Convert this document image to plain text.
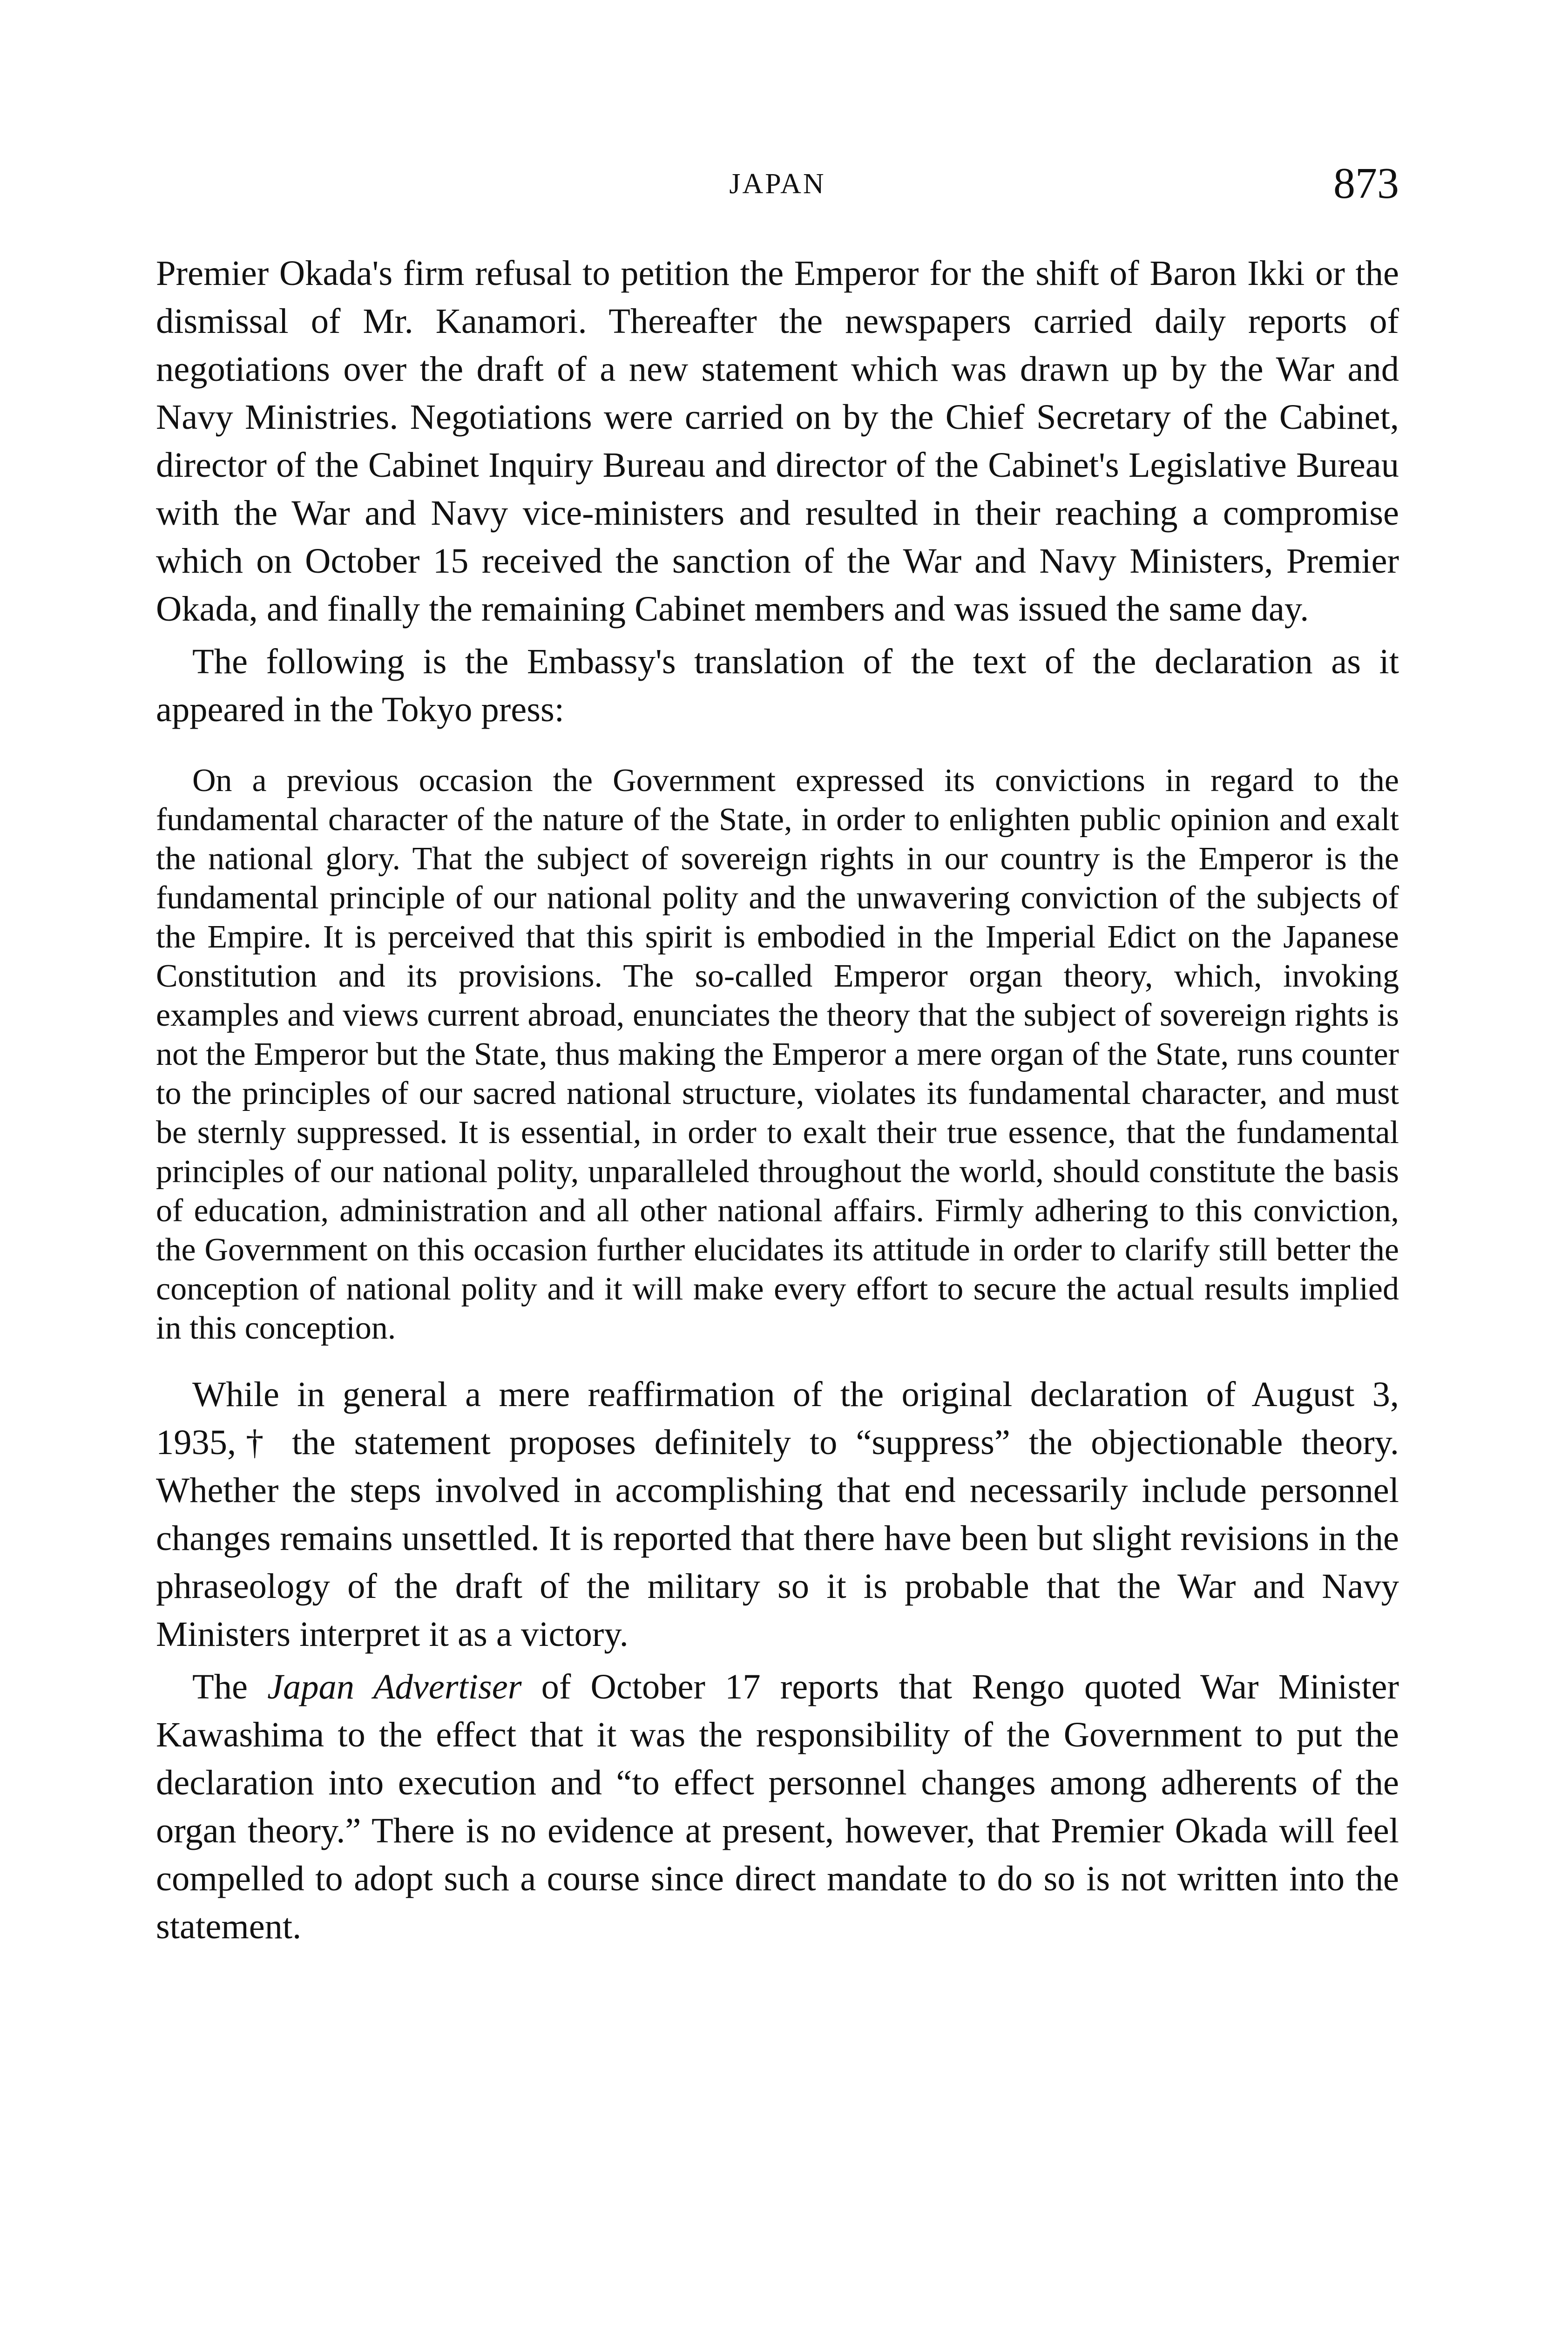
JAPAN	873

Premier Okada's firm refusal to petition the Emperor for the shift of Baron Ikki or the dismissal of Mr. Kanamori. Thereafter the newspapers carried daily reports of negotiations over the draft of a new statement which was drawn up by the War and Navy Ministries. Negotiations were carried on by the Chief Secretary of the Cabinet, director of the Cabinet Inquiry Bureau and director of the Cabinet's Legislative Bureau with the War and Navy vice-ministers and resulted in their reaching a compromise which on October 15 received the sanction of the War and Navy Ministers, Premier Okada, and finally the remaining Cabinet members and was issued the same day.

The following is the Embassy's translation of the text of the declaration as it appeared in the Tokyo press:

On a previous occasion the Government expressed its convictions in regard to the fundamental character of the nature of the State, in order to enlighten public opinion and exalt the national glory. That the subject of sovereign rights in our country is the Emperor is the fundamental principle of our national polity and the unwavering conviction of the subjects of the Empire. It is perceived that this spirit is embodied in the Imperial Edict on the Japanese Constitution and its provisions. The so-called Emperor organ theory, which, invoking examples and views current abroad, enunciates the theory that the subject of sovereign rights is not the Emperor but the State, thus making the Emperor a mere organ of the State, runs counter to the principles of our sacred national structure, violates its fundamental character, and must be sternly suppressed. It is essential, in order to exalt their true essence, that the fundamental principles of our national polity, unparalleled throughout the world, should constitute the basis of education, administration and all other national affairs. Firmly adhering to this conviction, the Government on this occasion further elucidates its attitude in order to clarify still better the conception of national polity and it will make every effort to secure the actual results implied in this conception.

While in general a mere reaffirmation of the original declaration of August 3, 1935,† the statement proposes definitely to “suppress” the objectionable theory. Whether the steps involved in accomplishing that end necessarily include personnel changes remains unsettled. It is reported that there have been but slight revisions in the phraseology of the draft of the military so it is probable that the War and Navy Ministers interpret it as a victory.

The Japan Advertiser of October 17 reports that Rengo quoted War Minister Kawashima to the effect that it was the responsibility of the Government to put the declaration into execution and “to effect personnel changes among adherents of the organ theory.” There is no evidence at present, however, that Premier Okada will feel compelled to adopt such a course since direct mandate to do so is not written into the statement.
